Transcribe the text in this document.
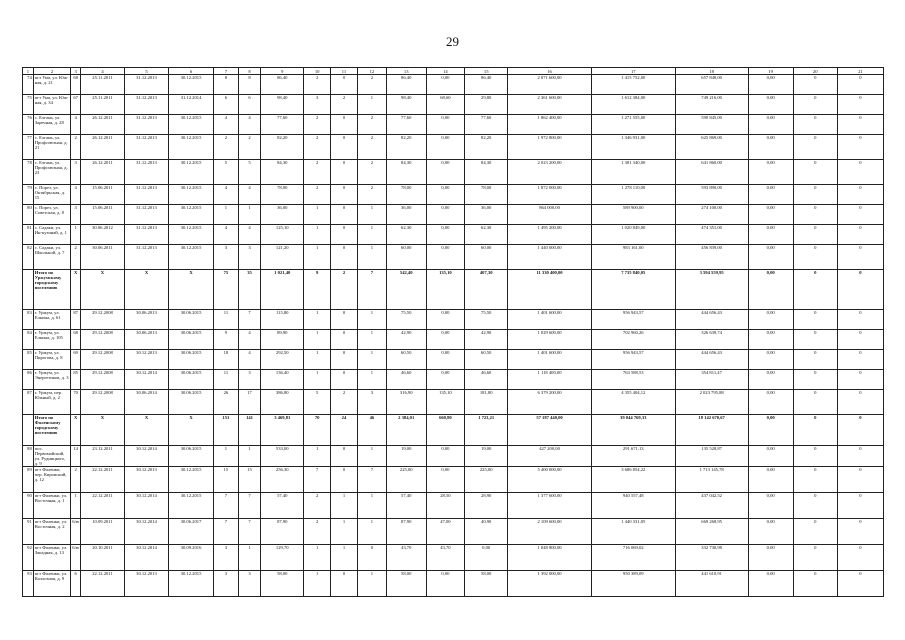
29
1	2	3	4	5	6	7	8	9	10	11	12	13	14	15	16	17	18	19	20	21
74	пгт Уни, ул. Юж-ная, д. 21	68	25.11.2011	31.12.2013	30.12.2015	8	8	86,40	2	0	2	86,40	0,00	86,40	2 071 600,00	1 415 752,00	657 848,00	0,00	0	0
75	пгт Уни, ул. Юж-ная, д. 34	67	25.11.2011	31.12.2013	31.12.2014	6	6	98,40	3	2	1	98,40	68,60	29,80	2 361 600,00	1 612 384,00	749 216,00	0,00	0	0
76	с. Елгань, ул. Заречная, д. 28	4	26.12.2011	31.12.2013	30.12.2015	4	4	77,60	2	0	2	77,60	0,00	77,60	1 862 400,00	1 271 555,00	590 845,00	0,00	0	0
77	с. Елгань, ул. Профсоюзная, д. 21	2	26.12.2011	31.12.2013	30.12.2015	2	2	82,20	2	0	2	82,20	0,00	82,20	1 972 800,00	1 346 931,00	625 869,00	0,00	0	0
78	с. Елгань, ул. Профсоюзная, д. 23	3	26.12.2011	31.12.2013	30.12.2015	5	5	84,30	2	0	2	84,30	0,00	84,30	2 023 200,00	1 381 340,00	641 860,00	0,00	0	0
79	с. Порез, ул. Октябрьская, д. 15	4	15.06.2011	31.12.2013	30.12.2015	4	4	78,00	2	0	2	78,00	0,00	78,00	1 872 000,00	1 278 110,00	593 890,00	0,00	0	0
80	с. Порез, ул. Советская, д. 8	3	15.06.2011	31.12.2013	30.12.2015	1	1	36,00	1	0	1	36,00	0,00	36,00	864 000,00	589 900,00	274 100,00	0,00	0	0
81	с. Садаки, ул. Ин-кузинай, д. 1	1	30.06.2012	31.12.2013	30.12.2015	4	4	125,10	1	0	1	62,30	0,00	62,30	1 495 200,00	1 020 849,00	474 351,00	0,00	0	0
82	с. Садаки, ул. Школьной, д. 7	2	30.06.2011	31.12.2013	30.12.2015	3	3	121,20	1	0	1	60,00	0,00	60,00	1 440 000,00	983 161,00	456 839,00	0,00	0	0
	Итого по Уржумскому городскому поселению	X	X	X	X	75	35	1 021,40	9	2	7	542,40	135,10	407,30	11 330 400,00	7 735 840,05	3 594 559,95	0,00	0	0
83	г. Уржум, ул. Елкина, д. 61	87	29.12.2008	30.06.2013	30.06.2015	11	7	115,80	1	0	1	75,50	0,00	75,50	1 401 600,00	956 943,57	444 656,43	0,00	0	0
84	г. Уржум, ул. Елкина, д. 105	68	29.12.2008	30.06.2013	30.06.2015	9	4	89,90	1	0	1	42,90	0,00	42,90	1 029 600,00	702 960,26	326 639,74	0,00	0	0
85	г. Уржум, ул. Пироговa, д. 8	69	29.12.2008	30.12.2013	30.06.2015	18	4	292,50	1	0	1	60,50	0,00	60,50	1 401 600,00	956 943,57	444 656,43	0,00	0	0
86	г. Уржум, ул. Энергетиков, д. 3	85	29.12.2008	30.12.2014	30.06.2015	11	3	136,40	1	0	1	46,60	0,00	46,60	1 118 400,00	763 588,53	354 811,47	0,00	0	0
87	г. Уржум, пер. Южный, д. 2	70	29.12.2008	30.06.2014	30.06.2015	26	17	386,80	5	2	3	316,90	135,10	181,80	6 379 200,00	4 355 404,12	2 023 795,88	0,00	0	0
	Итого по Фаленскому городскому поселению	X	X	X	X	151	141	3 469,81	70	24	46	2 384,01	660,80	1 723,21	57 187 440,00	39 044 769,33	18 142 670,67	0,00	0	0
88	пос. Первомайский, ул. Рудницкого, д. 9	14	23.12.2011	30.12.2014	30.06.2015	1	1	533,00	1	0	1	19,00	0,00	19,00	427 200,00	291 671,13	135 528,87	0,00	0	0
89	пгт Фаленки, пер. Кировский, д. 12	2	22.12.2011	30.12.2013	30.12.2015	15	15	256,30	7	0	7	225,00	0,00	225,00	5 400 000,00	3 686 854,22	1 713 145,78	0,00	0	0
90	пгт Фаленки, ул. Восточная, д. 1	1	22.12.2011	30.12.2014	30.12.2015	7	7	57,40	2	1	1	57,40	28,50	28,90	1 377 600,00	940 557,48	437 042,52	0,00	0	0
91	пгт Фаленки, ул. Восточная, д. 2	6/ю	10.09.2011	30.12.2014	30.06.2017	7	7	87,90	2	1	1	87,90	47,00	40,90	2 109 600,00	1 440 331,05	669 268,95	0,00	0	0
92	пгт Фаленки, ул. Западная, д. 13	6/ю	20.10.2011	30.12.2014	30.09.2016	3	1	129,70	1	1	0	43,70	43,70	0,00	1 048 800,00	716 069,02	332 730,98	0,00	0	0
93	пгт Фаленки, ул. Колхозная, д. 9	6	22.12.2011	30.12.2013	30.12.2015	3	3	58,00	1	0	1	58,00	0,00	58,00	1 392 000,00	950 389,09	441 610,91	0,00	0	0
